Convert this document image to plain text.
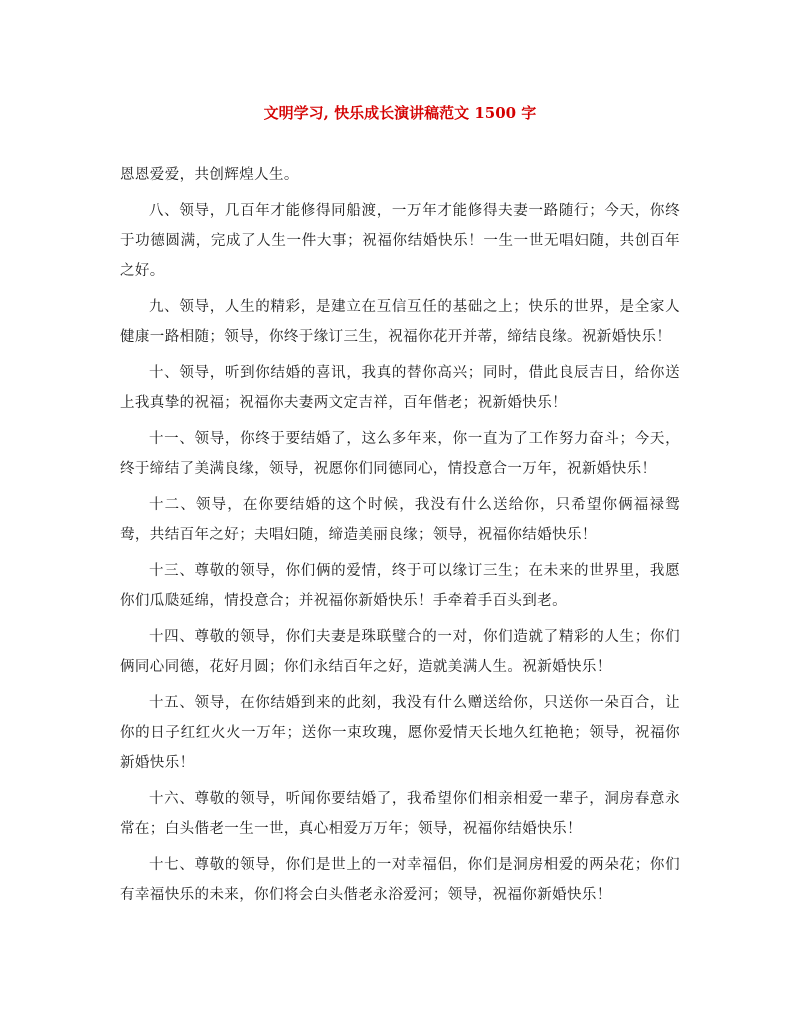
文明学习, 快乐成长演讲稿范文 1500 字

恩恩爱爱，共创辉煌人生。

八、领导，几百年才能修得同船渡，一万年才能修得夫妻一路随行；今天，你终于功德圆满，完成了人生一件大事；祝福你结婚快乐！一生一世无唱妇随，共创百年之好。

九、领导，人生的精彩，是建立在互信互任的基础之上；快乐的世界，是全家人健康一路相随；领导，你终于缘订三生，祝福你花开并蒂，缔结良缘。祝新婚快乐！

十、领导，听到你结婚的喜讯，我真的替你高兴；同时，借此良辰吉日，给你送上我真挚的祝福；祝福你夫妻两文定吉祥，百年偕老；祝新婚快乐！

十一、领导，你终于要结婚了，这么多年来，你一直为了工作努力奋斗；今天，终于缔结了美满良缘，领导，祝愿你们同德同心，情投意合一万年，祝新婚快乐！

十二、领导，在你要结婚的这个时候，我没有什么送给你，只希望你俩福禄鸳鸯，共结百年之好；夫唱妇随，缔造美丽良缘；领导，祝福你结婚快乐！

十三、尊敬的领导，你们俩的爱情，终于可以缘订三生；在未来的世界里，我愿你们瓜瓞延绵，情投意合；并祝福你新婚快乐！手牵着手百头到老。

十四、尊敬的领导，你们夫妻是珠联璧合的一对，你们造就了精彩的人生；你们俩同心同德，花好月圆；你们永结百年之好，造就美满人生。祝新婚快乐！

十五、领导，在你结婚到来的此刻，我没有什么赠送给你，只送你一朵百合，让你的日子红红火火一万年；送你一束玫瑰，愿你爱情天长地久红艳艳；领导，祝福你新婚快乐！

十六、尊敬的领导，听闻你要结婚了，我希望你们相亲相爱一辈子，洞房春意永常在；白头偕老一生一世，真心相爱万万年；领导，祝福你结婚快乐！

十七、尊敬的领导，你们是世上的一对幸福侣，你们是洞房相爱的两朵花；你们有幸福快乐的未来，你们将会白头偕老永浴爱河；领导，祝福你新婚快乐！
